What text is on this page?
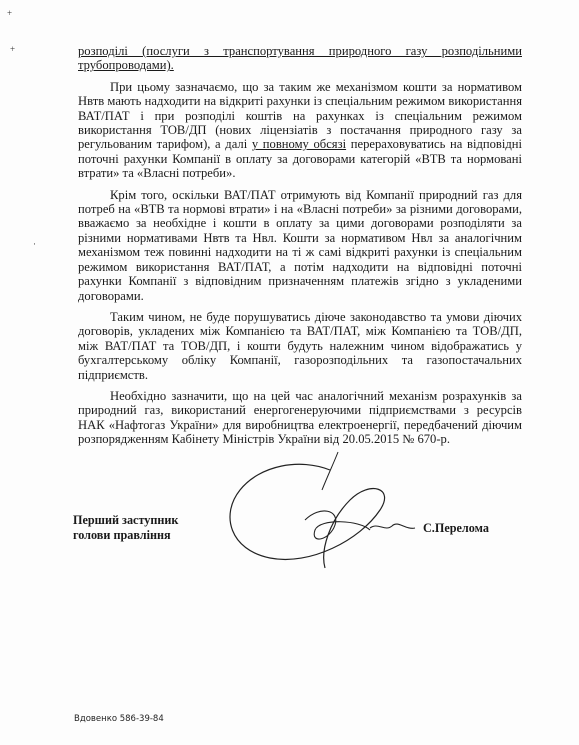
+
+
·

розподілі (послуги з транспортування природного газу розподільними трубопроводами).

При цьому зазначаємо, що за таким же механізмом кошти за нормативом Нвтв мають надходити на відкриті рахунки із спеціальним режимом використання ВАТ/ПАТ і при розподілі коштів на рахунках із спеціальним режимом використання ТОВ/ДП (нових ліцензіатів з постачання природного газу за регульованим тарифом), а далі у повному обсязі перераховуватись на відповідні поточні рахунки Компанії в оплату за договорами категорій «ВТВ та нормовані втрати» та «Власні потреби».

Крім того, оскільки ВАТ/ПАТ отримують від Компанії природний газ для потреб на «ВТВ та нормові втрати» і на «Власні потреби» за різними договорами, вважаємо за необхідне і кошти в оплату за цими договорами розподіляти за різними нормативами Нвтв та Нвл. Кошти за нормативом Нвл за аналогічним механізмом теж повинні надходити на ті ж самі відкриті рахунки із спеціальним режимом використання ВАТ/ПАТ, а потім надходити на відповідні поточні рахунки Компанії з відповідним призначенням платежів згідно з укладеними договорами.

Таким чином, не буде порушуватись діюче законодавство та умови діючих договорів, укладених між Компанією та ВАТ/ПАТ, між Компанією та ТОВ/ДП, між ВАТ/ПАТ та ТОВ/ДП, і кошти будуть належним чином відображатись у бухгалтерському обліку Компанії, газорозподільних та газопостачальних підприємств.

Необхідно зазначити, що на цей час аналогічний механізм розрахунків за природний газ, використаний енергогенеруючими підприємствами з ресурсів НАК «Нафтогаз України» для виробництва електроенергії, передбачений діючим розпорядженням Кабінету Міністрів України від 20.05.2015 № 670-р.

Перший заступник
голови правління	С.Перелома
Вдовенко 586-39-84
